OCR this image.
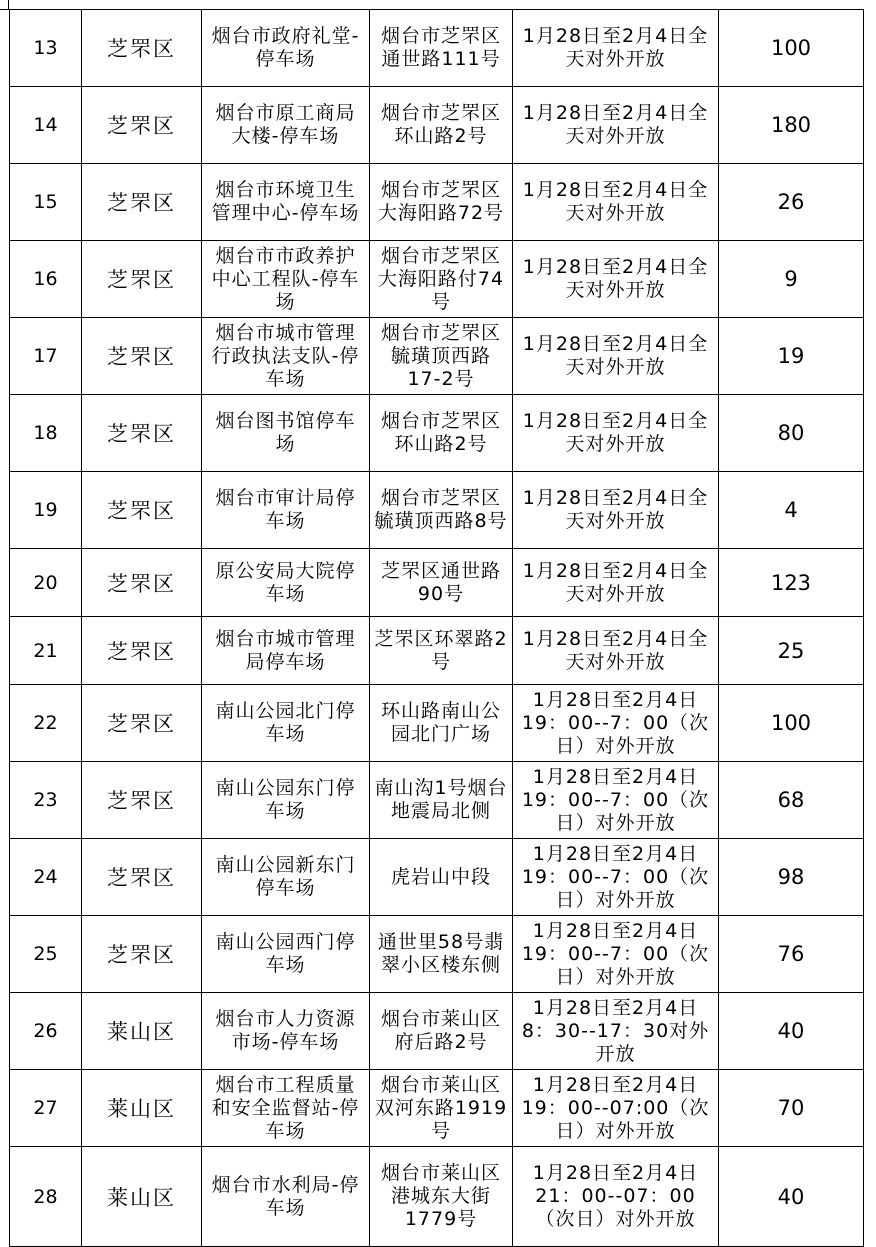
13	芝罘区	烟台市政府礼堂-停车场	烟台市芝罘区通世路111号	1月28日至2月4日全天对外开放	100
14	芝罘区	烟台市原工商局大楼-停车场	烟台市芝罘区环山路2号	1月28日至2月4日全天对外开放	180
15	芝罘区	烟台市环境卫生管理中心-停车场	烟台市芝罘区大海阳路72号	1月28日至2月4日全天对外开放	26
16	芝罘区	烟台市市政养护中心工程队-停车场	烟台市芝罘区大海阳路付74号	1月28日至2月4日全天对外开放	9
17	芝罘区	烟台市城市管理行政执法支队-停车场	烟台市芝罘区毓璜顶西路17-2号	1月28日至2月4日全天对外开放	19
18	芝罘区	烟台图书馆停车场	烟台市芝罘区环山路2号	1月28日至2月4日全天对外开放	80
19	芝罘区	烟台市审计局停车场	烟台市芝罘区毓璜顶西路8号	1月28日至2月4日全天对外开放	4
20	芝罘区	原公安局大院停车场	芝罘区通世路90号	1月28日至2月4日全天对外开放	123
21	芝罘区	烟台市城市管理局停车场	芝罘区环翠路2号	1月28日至2月4日全天对外开放	25
22	芝罘区	南山公园北门停车场	环山路南山公园北门广场	1月28日至2月4日19：00--7：00（次日）对外开放	100
23	芝罘区	南山公园东门停车场	南山沟1号烟台地震局北侧	1月28日至2月4日19：00--7：00（次日）对外开放	68
24	芝罘区	南山公园新东门停车场	虎岩山中段	1月28日至2月4日19：00--7：00（次日）对外开放	98
25	芝罘区	南山公园西门停车场	通世里58号翡翠小区楼东侧	1月28日至2月4日19：00--7：00（次日）对外开放	76
26	莱山区	烟台市人力资源市场-停车场	烟台市莱山区府后路2号	1月28日至2月4日8：30--17：30对外开放	40
27	莱山区	烟台市工程质量和安全监督站-停车场	烟台市莱山区双河东路1919号	1月28日至2月4日19：00--07:00（次日）对外开放	70
28	莱山区	烟台市水利局-停车场	烟台市莱山区港城东大街1779号	1月28日至2月4日21：00--07：00（次日）对外开放	40
